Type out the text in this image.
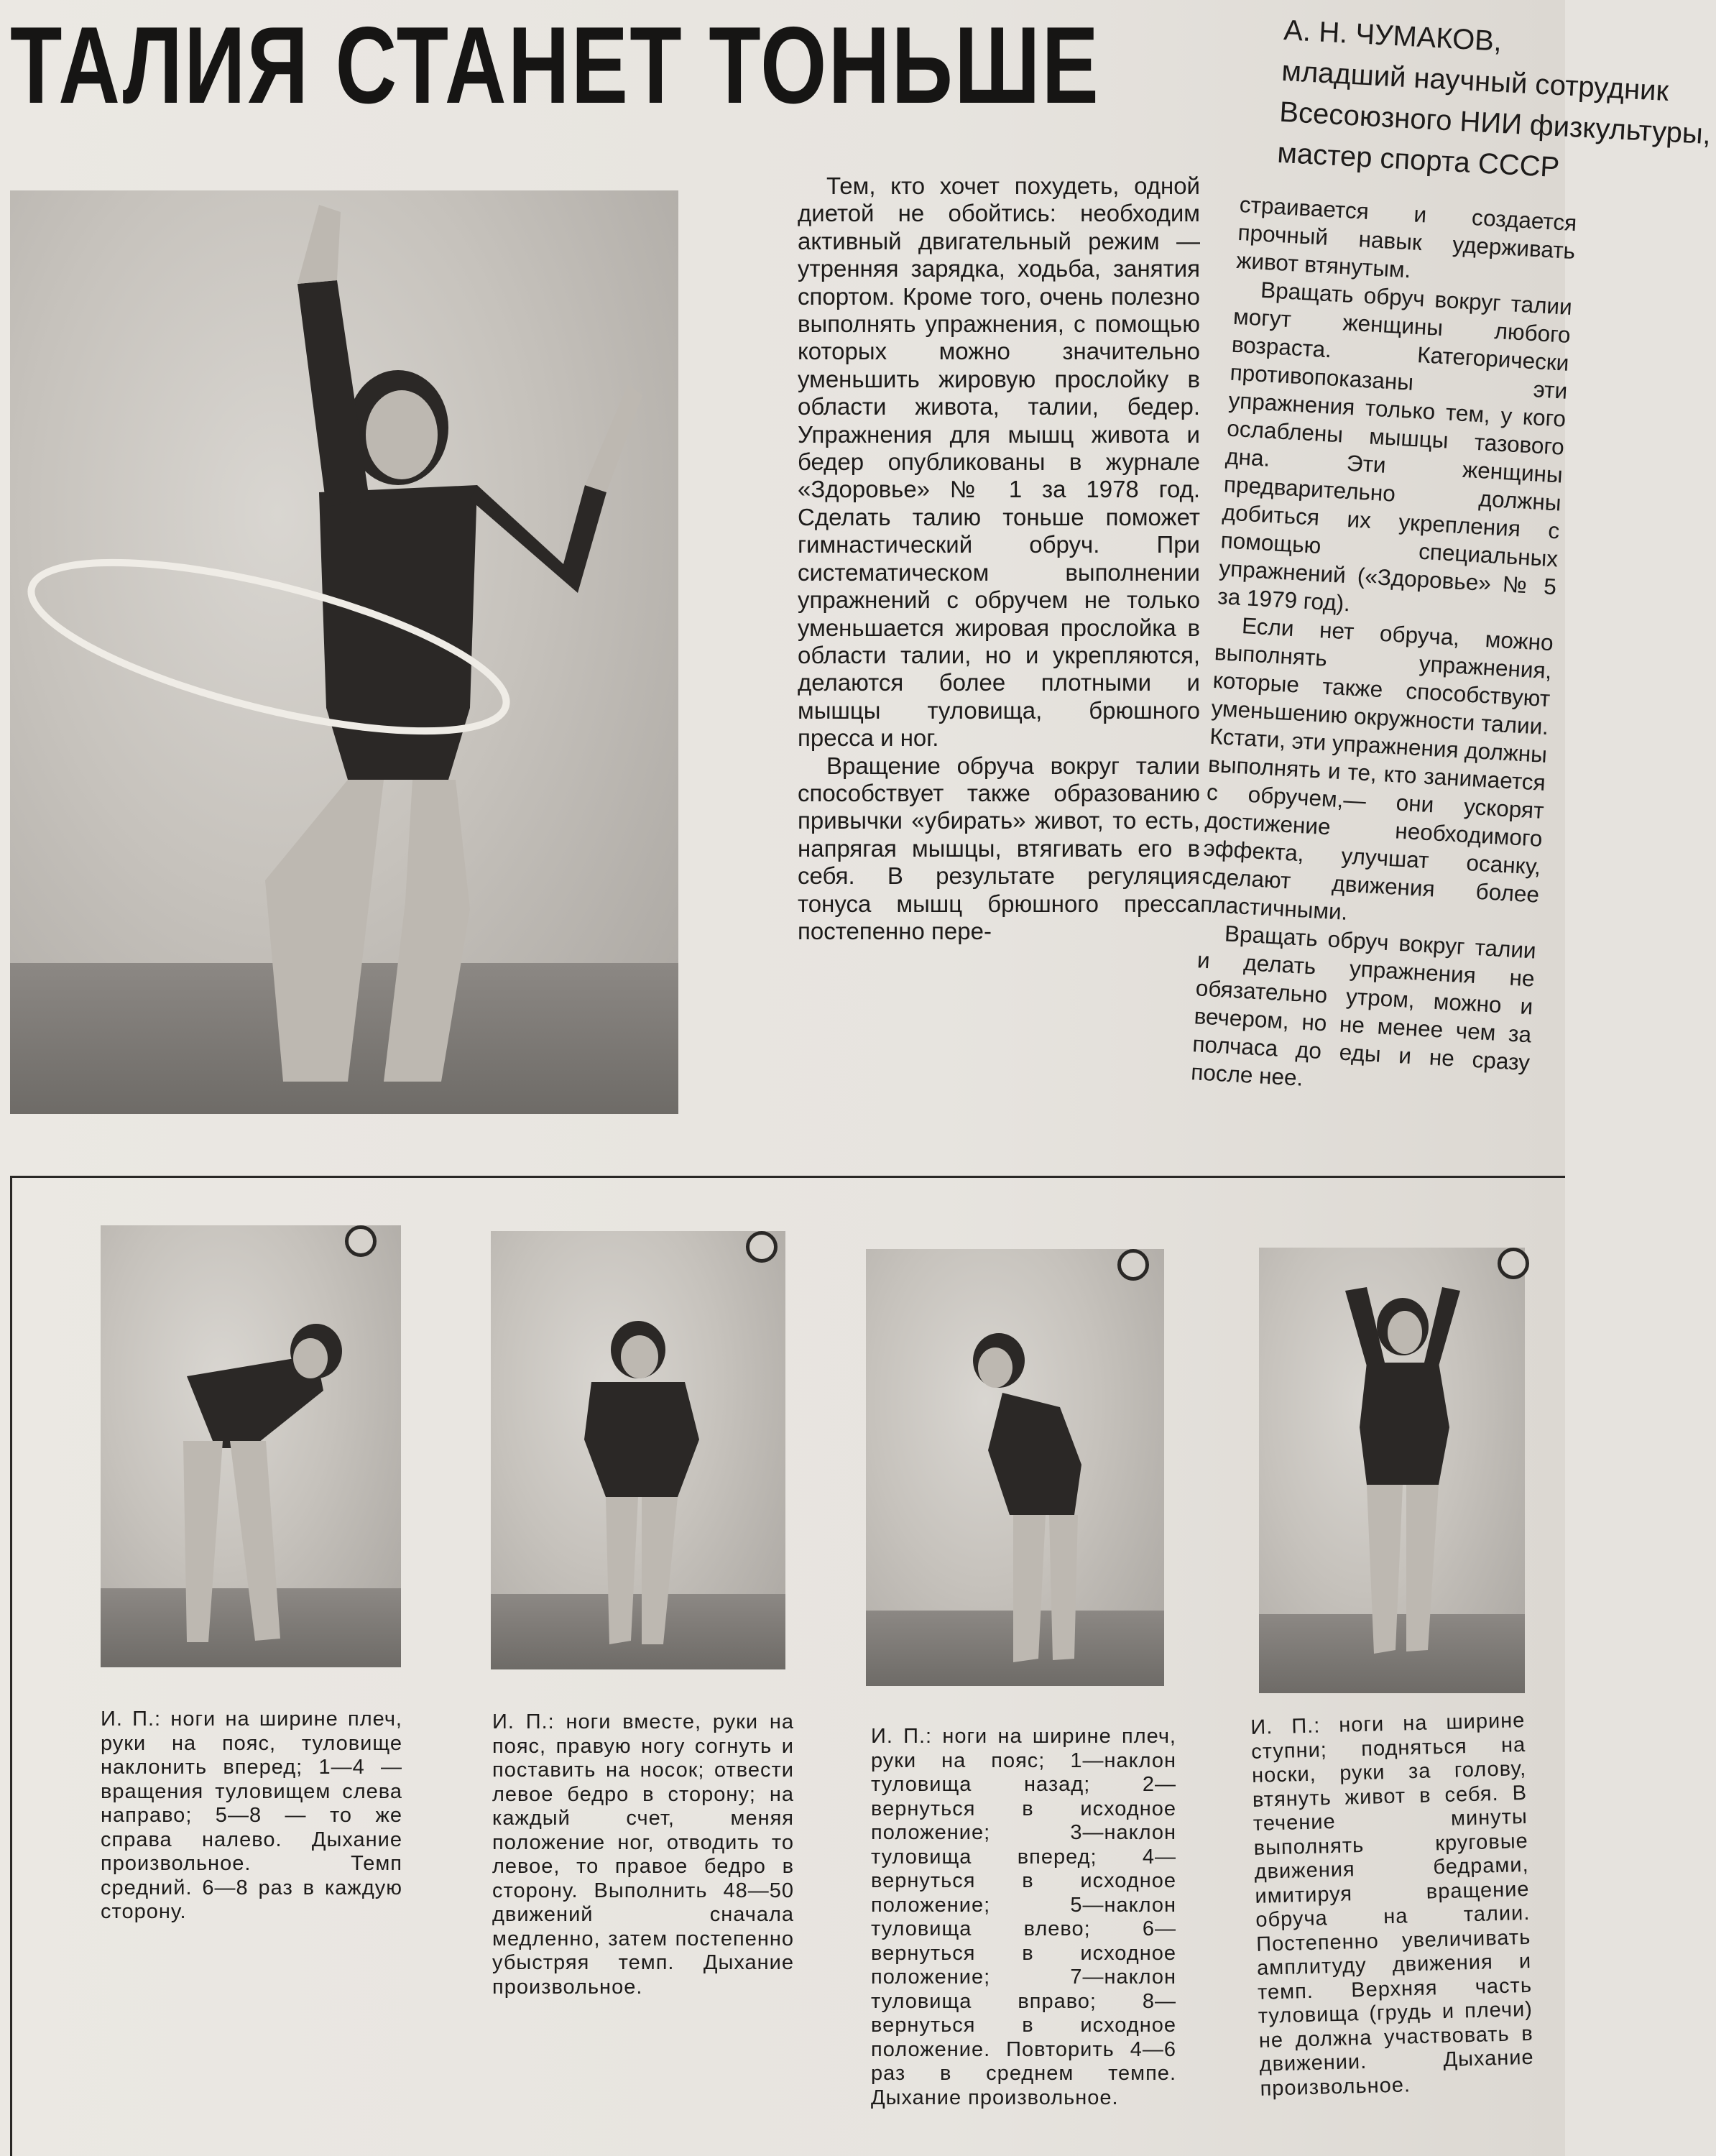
ТАЛИЯ СТАНЕТ ТОНЬШЕ	А. Н. ЧУМАКОВ,
младший научный сотрудник
Всесоюзного НИИ физкультуры,
мастер спорта СССР

Тем, кто хочет похудеть, одной диетой не обойтись: необходим активный двигательный режим — утренняя зарядка, ходьба, занятия спортом. Кроме того, очень полезно выполнять упражнения, с помощью которых можно значительно уменьшить жировую прослойку в области живота, талии, бедер. Упражнения для мышц живота и бедер опубликованы в журнале «Здоровье» № 1 за 1978 год. Сделать талию тоньше поможет гимнастический обруч. При систематическом выполнении упражнений с обручем не только уменьшается жировая прослойка в области талии, но и укрепляются, делаются более плотными и мышцы туловища, брюшного пресса и ног.

Вращение обруча вокруг талии способствует также образованию привычки «убирать» живот, то есть, напрягая мышцы, втягивать его в себя. В результате регуляция тонуса мышц брюшного пресса постепенно пере-

страивается и создается прочный навык удерживать живот втянутым.

Вращать обруч вокруг талии могут женщины любого возраста. Категорически противопоказаны эти упражнения только тем, у кого ослаблены мышцы тазового дна. Эти женщины предварительно должны добиться их укрепления с помощью специальных упражнений («Здоровье» № 5 за 1979 год).

Если нет обруча, можно выполнять упражнения, которые также способствуют уменьшению окружности талии. Кстати, эти упражнения должны выполнять и те, кто занимается с обручем,— они ускорят достижение необходимого эффекта, улучшат осанку, сделают движения более пластичными.

Вращать обруч вокруг талии и делать упражнения не обязательно утром, можно и вечером, но не менее чем за полчаса до еды и не сразу после нее.

И. П.: ноги на ширине плеч, руки на пояс, туловище наклонить вперед; 1—4 — вращения туловищем слева направо; 5—8 — то же справа налево. Дыхание произвольное. Темп средний. 6—8 раз в каждую сторону.

И. П.: ноги вместе, руки на пояс, правую ногу согнуть и поставить на носок; отвести левое бедро в сторону; на каждый счет, меняя положение ног, отводить то левое, то правое бедро в сторону. Выполнить 48—50 движений сначала медленно, затем постепенно убыстряя темп. Дыхание произвольное.

И. П.: ноги на ширине плеч, руки на пояс; 1—наклон туловища назад; 2—вернуться в исходное положение; 3—наклон туловища вперед; 4—вернуться в исходное положение; 5—наклон туловища влево; 6—вернуться в исходное положение; 7—наклон туловища вправо; 8—вернуться в исходное положение. Повторить 4—6 раз в среднем темпе. Дыхание произвольное.

И. П.: ноги на ширине ступни; подняться на носки, руки за голову, втянуть живот в себя. В течение минуты выполнять круговые движения бедрами, имитируя вращение обруча на талии. Постепенно увеличивать амплитуду движения и темп. Верхняя часть туловища (грудь и плечи) не должна участвовать в движении. Дыхание произвольное.
